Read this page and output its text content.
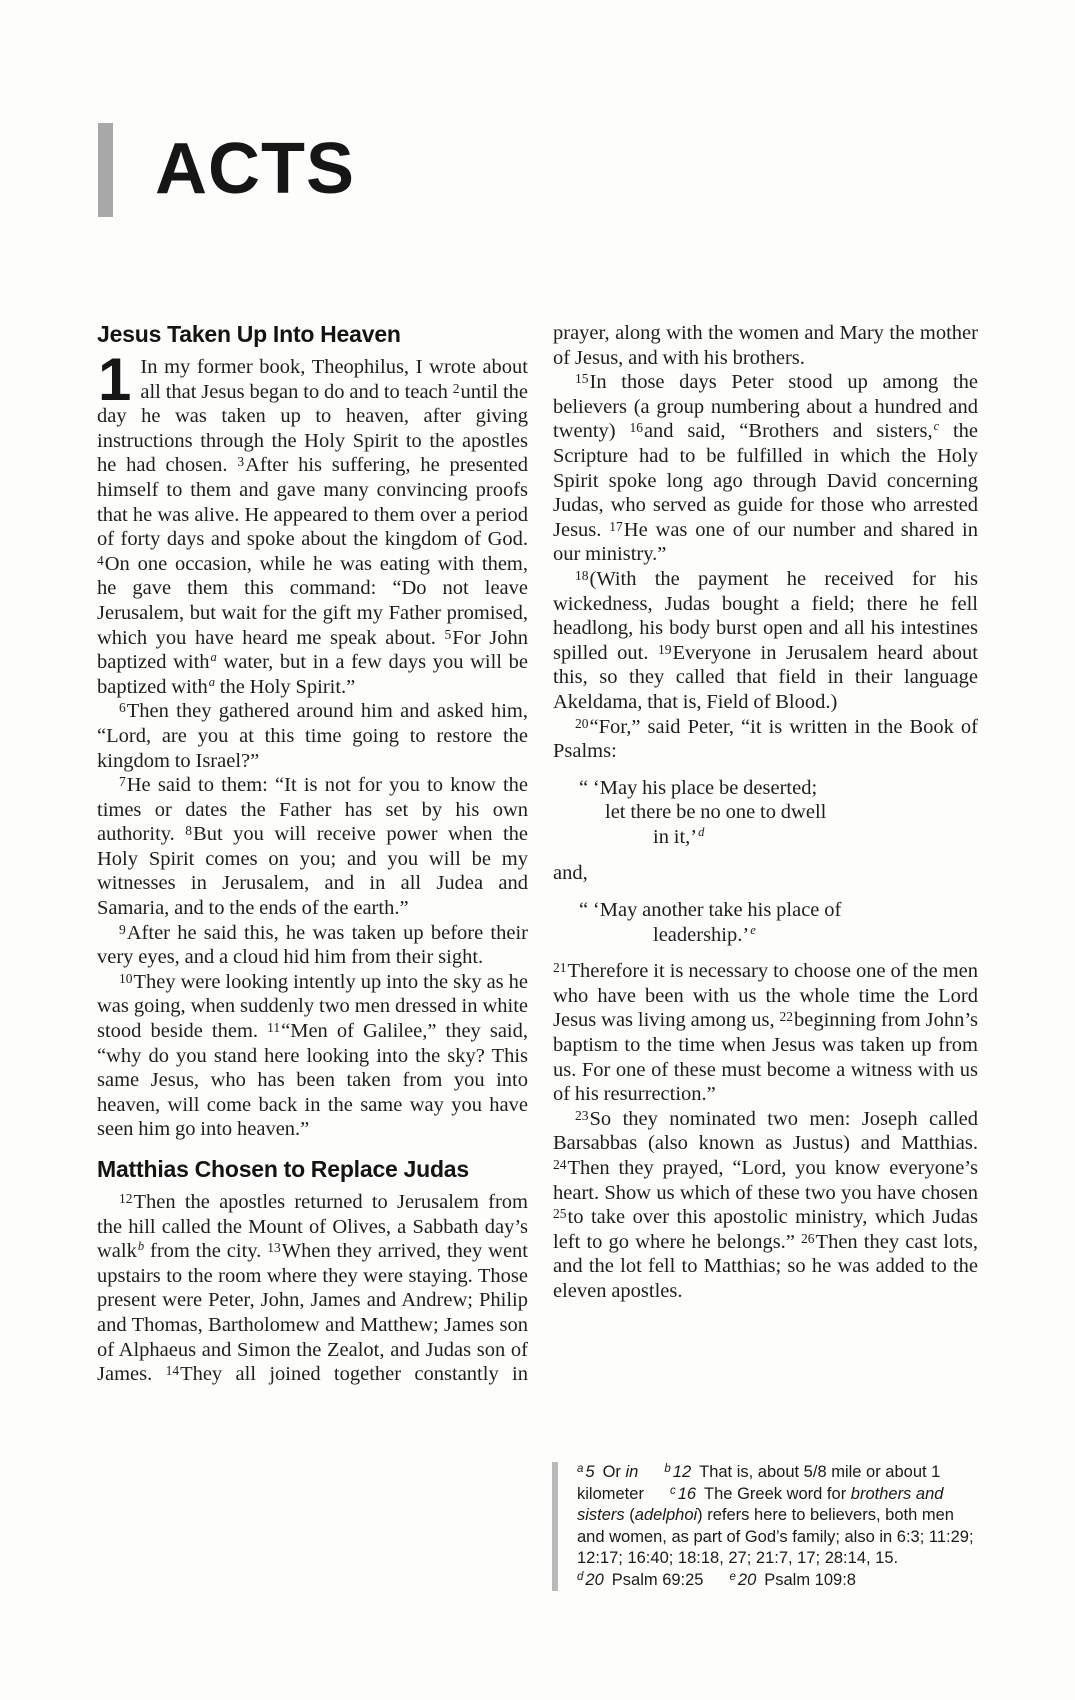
ACTS
Jesus Taken Up Into Heaven

1 In my former book, Theophilus, I wrote about all that Jesus began to do and to teach $^2$until the day he was taken up to heaven, after giving instructions through the Holy Spirit to the apostles he had chosen. $^3$After his suffering, he presented himself to them and gave many convincing proofs that he was alive. He appeared to them over a period of forty days and spoke about the kingdom of God. $^4$On one occasion, while he was eating with them, he gave them this command: “Do not leave Jerusalem, but wait for the gift my Father promised, which you have heard me speak about. $^5$For John baptized with$^a$ water, but in a few days you will be baptized with$^a$ the Holy Spirit.”

$^6$Then they gathered around him and asked him, “Lord, are you at this time going to restore the kingdom to Israel?”

$^7$He said to them: “It is not for you to know the times or dates the Father has set by his own authority. $^8$But you will receive power when the Holy Spirit comes on you; and you will be my witnesses in Jerusalem, and in all Judea and Samaria, and to the ends of the earth.”

$^9$After he said this, he was taken up before their very eyes, and a cloud hid him from their sight.

$^{10}$They were looking intently up into the sky as he was going, when suddenly two men dressed in white stood beside them. $^{11}$“Men of Galilee,” they said, “why do you stand here looking into the sky? This same Jesus, who has been taken from you into heaven, will come back in the same way you have seen him go into heaven.”

Matthias Chosen to Replace Judas

$^{12}$Then the apostles returned to Jerusalem from the hill called the Mount of Olives, a Sabbath day’s walk$^b$ from the city. $^{13}$When they arrived, they went upstairs to the room where they were staying. Those present were Peter, John, James and Andrew; Philip and Thomas, Bartholomew and Matthew; James son of Alphaeus and Simon the Zealot, and Judas son of James. $^{14}$They all joined together constantly in

prayer, along with the women and Mary the mother of Jesus, and with his brothers.

$^{15}$In those days Peter stood up among the believers (a group numbering about a hundred and twenty) $^{16}$and said, “Brothers and sisters,$^c$ the Scripture had to be fulfilled in which the Holy Spirit spoke long ago through David concerning Judas, who served as guide for those who arrested Jesus. $^{17}$He was one of our number and shared in our ministry.”

$^{18}$(With the payment he received for his wickedness, Judas bought a field; there he fell headlong, his body burst open and all his intestines spilled out. $^{19}$Everyone in Jerusalem heard about this, so they called that field in their language Akeldama, that is, Field of Blood.)

$^{20}$“For,” said Peter, “it is written in the Book of Psalms:

“ ‘May his place be deserted;
let there be no one to dwell
in it,’$^d$

and,

“ ‘May another take his place of
leadership.’$^e$

$^{21}$Therefore it is necessary to choose one of the men who have been with us the whole time the Lord Jesus was living among us, $^{22}$beginning from John’s baptism to the time when Jesus was taken up from us. For one of these must become a witness with us of his resurrection.”

$^{23}$So they nominated two men: Joseph called Barsabbas (also known as Justus) and Matthias. $^{24}$Then they prayed, “Lord, you know everyone’s heart. Show us which of these two you have chosen $^{25}$to take over this apostolic ministry, which Judas left to go where he belongs.” $^{26}$Then they cast lots, and the lot fell to Matthias; so he was added to the eleven apostles.

$^a$ 5 Or in $^b$ 12 That is, about 5/8 mile or about 1 kilometer $^c$ 16 The Greek word for brothers and sisters (adelphoi) refers here to believers, both men and women, as part of God’s family; also in 6:3; 11:29; 12:17; 16:40; 18:18, 27; 21:7, 17; 28:14, 15.$^d$ 20 Psalm 69:25 $^e$ 20 Psalm 109:8
